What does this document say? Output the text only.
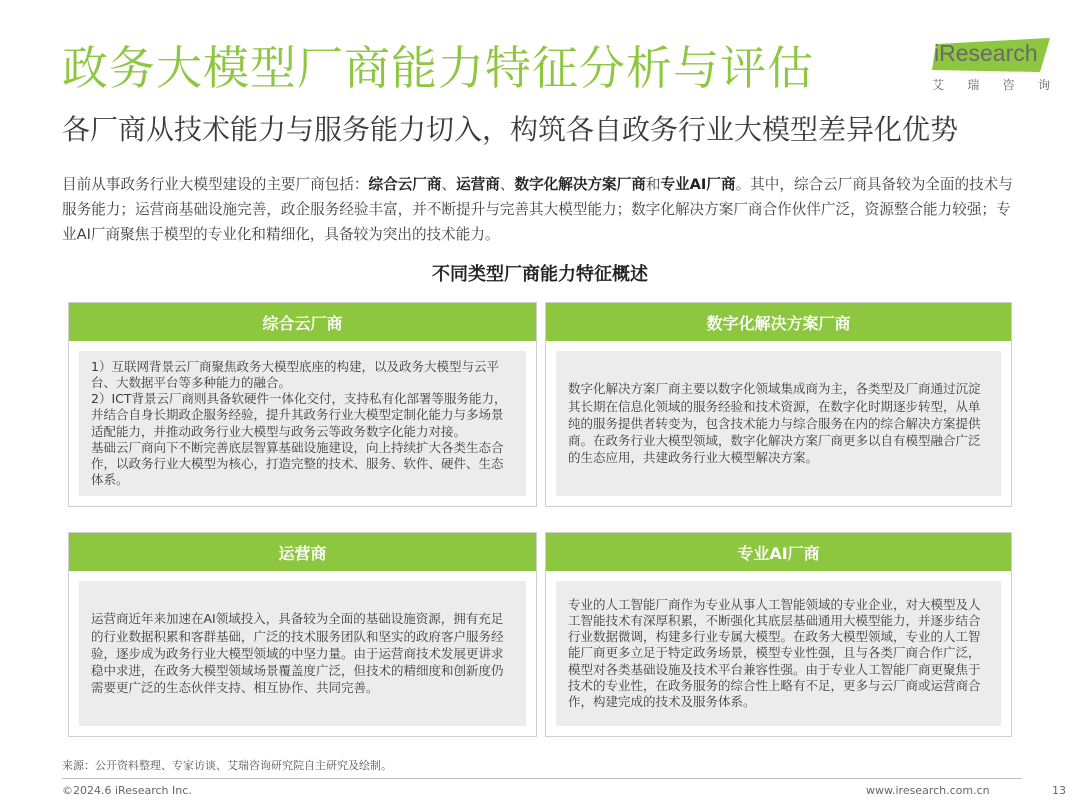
政务大模型厂商能力特征分析与评估
各厂商从技术能力与服务能力切入，构筑各自政务行业大模型差异化优势
iResearch
艾 瑞 咨 询
目前从事政务行业大模型建设的主要厂商包括：综合云厂商、运营商、数字化解决方案厂商和专业AI厂商。其中，综合云厂商具备较为全面的技术与服务能力；运营商基础设施完善，政企服务经验丰富，并不断提升与完善其大模型能力；数字化解决方案厂商合作伙伴广泛，资源整合能力较强；专业AI厂商聚焦于模型的专业化和精细化，具备较为突出的技术能力。
不同类型厂商能力特征概述
综合云厂商

1）互联网背景云厂商聚焦政务大模型底座的构建，以及政务大模型与云平台、大数据平台等多种能力的融合。
2）ICT背景云厂商则具备软硬件一体化交付，支持私有化部署等服务能力，并结合自身长期政企服务经验，提升其政务行业大模型定制化能力与多场景适配能力，并推动政务行业大模型与政务云等政务数字化能力对接。
基础云厂商向下不断完善底层智算基础设施建设，向上持续扩大各类生态合作，以政务行业大模型为核心，打造完整的技术、服务、软件、硬件、生态体系。

数字化解决方案厂商

数字化解决方案厂商主要以数字化领域集成商为主，各类型及厂商通过沉淀其长期在信息化领域的服务经验和技术资源，在数字化时期逐步转型，从单纯的服务提供者转变为，包含技术能力与综合服务在内的综合解决方案提供商。在政务行业大模型领域，数字化解决方案厂商更多以自有模型融合广泛的生态应用，共建政务行业大模型解决方案。

运营商

运营商近年来加速在AI领域投入，具备较为全面的基础设施资源，拥有充足的行业数据积累和客群基础，广泛的技术服务团队和坚实的政府客户服务经验，逐步成为政务行业大模型领域的中坚力量。由于运营商技术发展更讲求稳中求进，在政务大模型领域场景覆盖度广泛，但技术的精细度和创新度仍需要更广泛的生态伙伴支持、相互协作、共同完善。

专业AI厂商

专业的人工智能厂商作为专业从事人工智能领域的专业企业，对大模型及人工智能技术有深厚积累，不断强化其底层基础通用大模型能力，并逐步结合行业数据微调，构建多行业专属大模型。在政务大模型领域，专业的人工智能厂商更多立足于特定政务场景，模型专业性强，且与各类厂商合作广泛，模型对各类基础设施及技术平台兼容性强。由于专业人工智能厂商更聚焦于技术的专业性，在政务服务的综合性上略有不足，更多与云厂商或运营商合作，构建完成的技术及服务体系。

来源：公开资料整理、专家访谈、艾瑞咨询研究院自主研究及绘制。
©2024.6 iResearch Inc.	www.iresearch.com.cn	13
